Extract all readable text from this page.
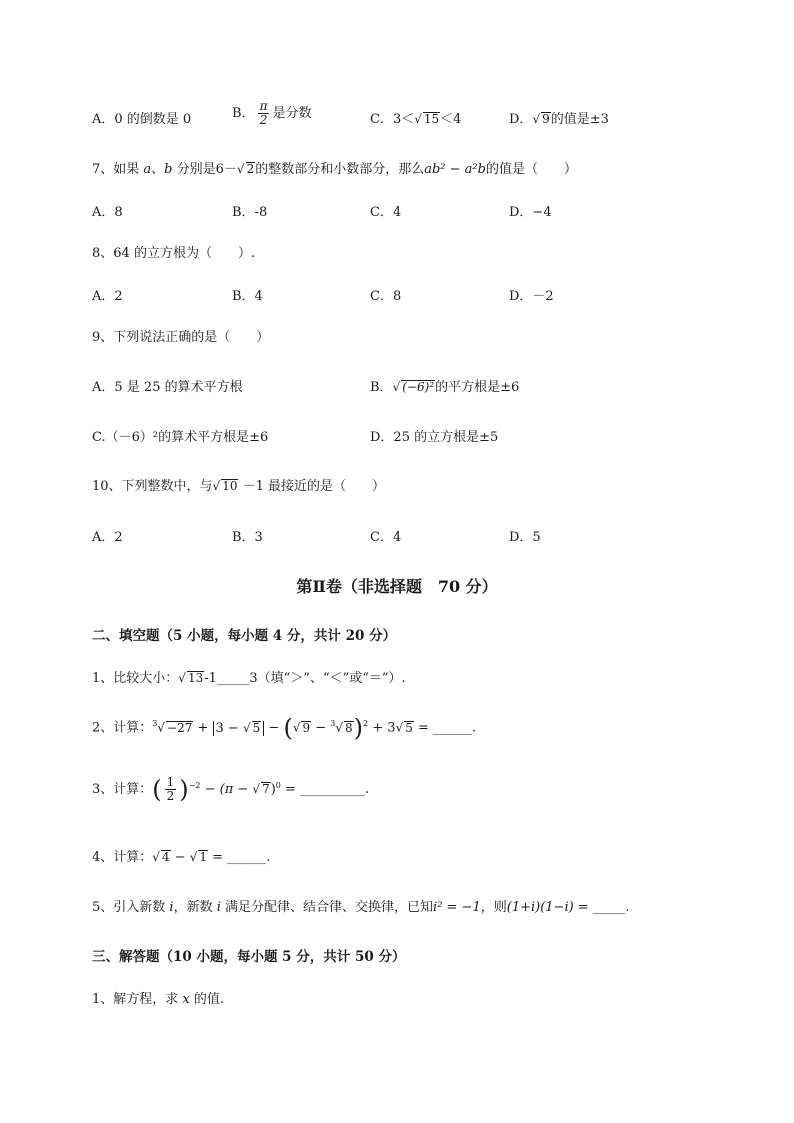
A．0 的倒数是 0	B． $\frac{\pi}{2}$ 是分数	C．3＜√ 15＜4	D．√ 9的值是±3
7、如果 a、b 分别是6－√ 2的整数部分和小数部分，那么ab² − a²b的值是（　　）
A．8	B．-8	C．4	D．−4
8、64 的立方根为（　　）.
A．2	B．4	C．8	D．－2
9、下列说法正确的是（　　）
A．5 是 25 的算术平方根	B．√ (−6)²的平方根是±6
C.（－6）²的算术平方根是±6	D．25 的立方根是±5
10、下列整数中，与√ 10 －1 最接近的是（　　）
A．2	B．3	C．4	D．5
第Ⅱ卷（非选择题　70 分）
二、填空题（5 小题，每小题 4 分，共计 20 分）
1、比较大小：√ 13-1_____3（填“＞”、“＜”或“＝”）.
2、计算：$^3$√ −27 + 3 − √ 5 − (√ 9 − $^3$√ 8)$^2$ + 3√ 5 = ______.
3、计算：( $\frac{1}{2} )^{-2} - (\pi$ − √ 7)$^0$ = __________.
4、计算：√ 4 − √ 1 = ______.
5、引入新数 i，新数 i 满足分配律、结合律、交换律，已知i² = −1，则(1+i)(1−i) = _____.
三、解答题（10 小题，每小题 5 分，共计 50 分）
1、解方程，求 x 的值.
